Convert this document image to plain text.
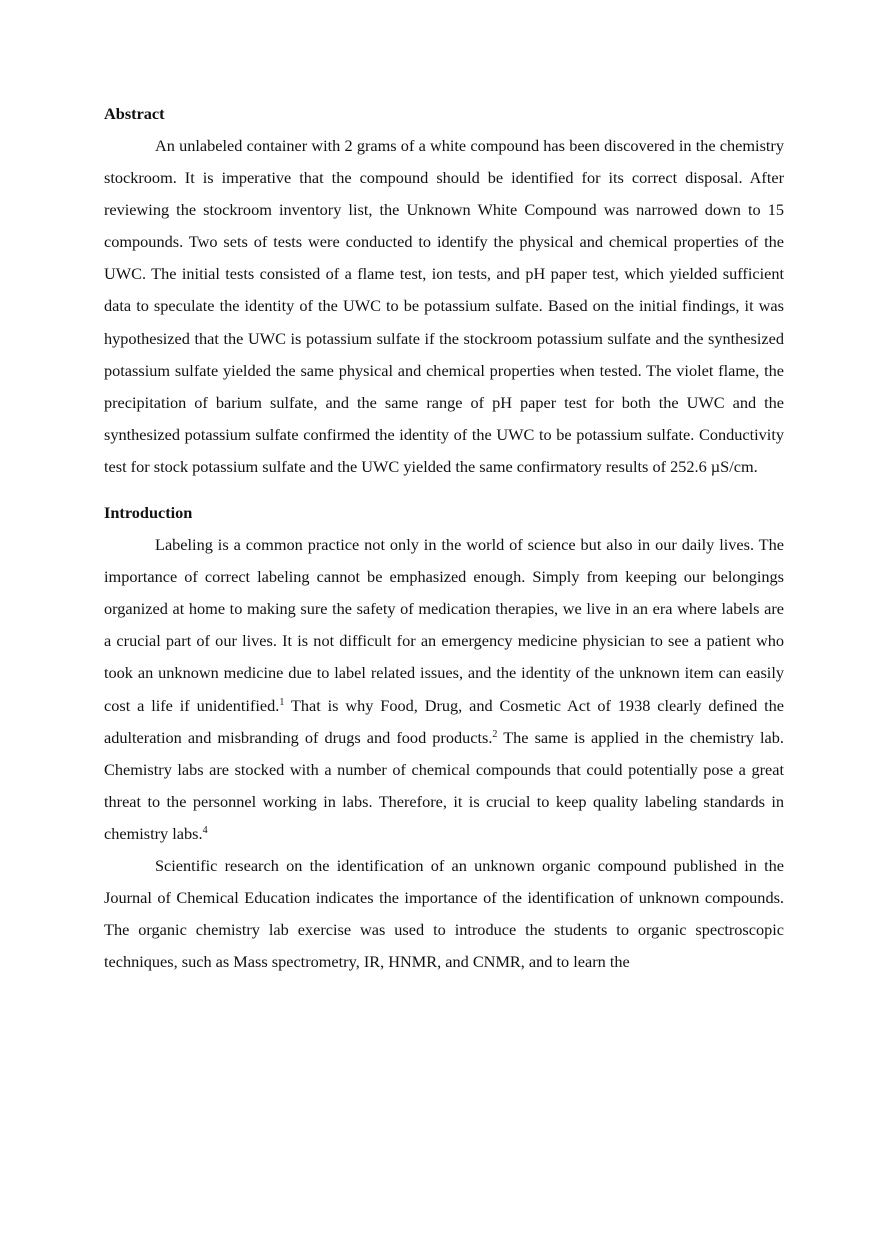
Abstract

An unlabeled container with 2 grams of a white compound has been discovered in the chemistry stockroom. It is imperative that the compound should be identified for its correct disposal. After reviewing the stockroom inventory list, the Unknown White Compound was narrowed down to 15 compounds. Two sets of tests were conducted to identify the physical and chemical properties of the UWC. The initial tests consisted of a flame test, ion tests, and pH paper test, which yielded sufficient data to speculate the identity of the UWC to be potassium sulfate. Based on the initial findings, it was hypothesized that the UWC is potassium sulfate if the stockroom potassium sulfate and the synthesized potassium sulfate yielded the same physical and chemical properties when tested. The violet flame, the precipitation of barium sulfate, and the same range of pH paper test for both the UWC and the synthesized potassium sulfate confirmed the identity of the UWC to be potassium sulfate. Conductivity test for stock potassium sulfate and the UWC yielded the same confirmatory results of 252.6 µS/cm.

Introduction

Labeling is a common practice not only in the world of science but also in our daily lives. The importance of correct labeling cannot be emphasized enough. Simply from keeping our belongings organized at home to making sure the safety of medication therapies, we live in an era where labels are a crucial part of our lives. It is not difficult for an emergency medicine physician to see a patient who took an unknown medicine due to label related issues, and the identity of the unknown item can easily cost a life if unidentified.$^1$ That is why Food, Drug, and Cosmetic Act of 1938 clearly defined the adulteration and misbranding of drugs and food products.$^2$ The same is applied in the chemistry lab. Chemistry labs are stocked with a number of chemical compounds that could potentially pose a great threat to the personnel working in labs. Therefore, it is crucial to keep quality labeling standards in chemistry labs.$^4$

Scientific research on the identification of an unknown organic compound published in the Journal of Chemical Education indicates the importance of the identification of unknown compounds. The organic chemistry lab exercise was used to introduce the students to organic spectroscopic techniques, such as Mass spectrometry, IR, HNMR, and CNMR, and to learn the
